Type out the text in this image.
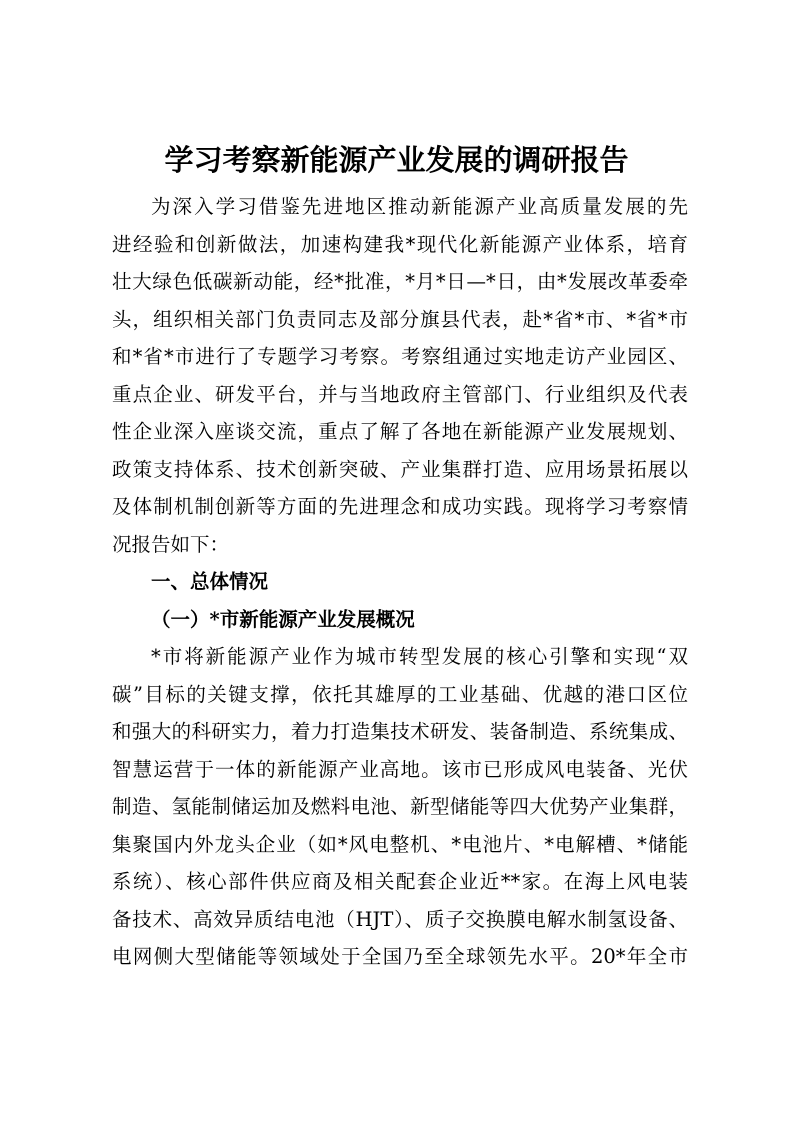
学习考察新能源产业发展的调研报告
为深入学习借鉴先进地区推动新能源产业高质量发展的先
进经验和创新做法，加速构建我*现代化新能源产业体系，培育
壮大绿色低碳新动能，经*批准，*月*日—*日，由*发展改革委牵
头，组织相关部门负责同志及部分旗县代表，赴*省*市、*省*市
和*省*市进行了专题学习考察。考察组通过实地走访产业园区、
重点企业、研发平台，并与当地政府主管部门、行业组织及代表
性企业深入座谈交流，重点了解了各地在新能源产业发展规划、
政策支持体系、技术创新突破、产业集群打造、应用场景拓展以
及体制机制创新等方面的先进理念和成功实践。现将学习考察情
况报告如下：
一、总体情况
（一）*市新能源产业发展概况
*市将新能源产业作为城市转型发展的核心引擎和实现“双
碳”目标的关键支撑，依托其雄厚的工业基础、优越的港口区位
和强大的科研实力，着力打造集技术研发、装备制造、系统集成、
智慧运营于一体的新能源产业高地。该市已形成风电装备、光伏
制造、氢能制储运加及燃料电池、新型储能等四大优势产业集群，
集聚国内外龙头企业（如*风电整机、*电池片、*电解槽、*储能
系统）、核心部件供应商及相关配套企业近**家。在海上风电装
备技术、高效异质结电池（HJT）、质子交换膜电解水制氢设备、
电网侧大型储能等领域处于全国乃至全球领先水平。20*年全市
